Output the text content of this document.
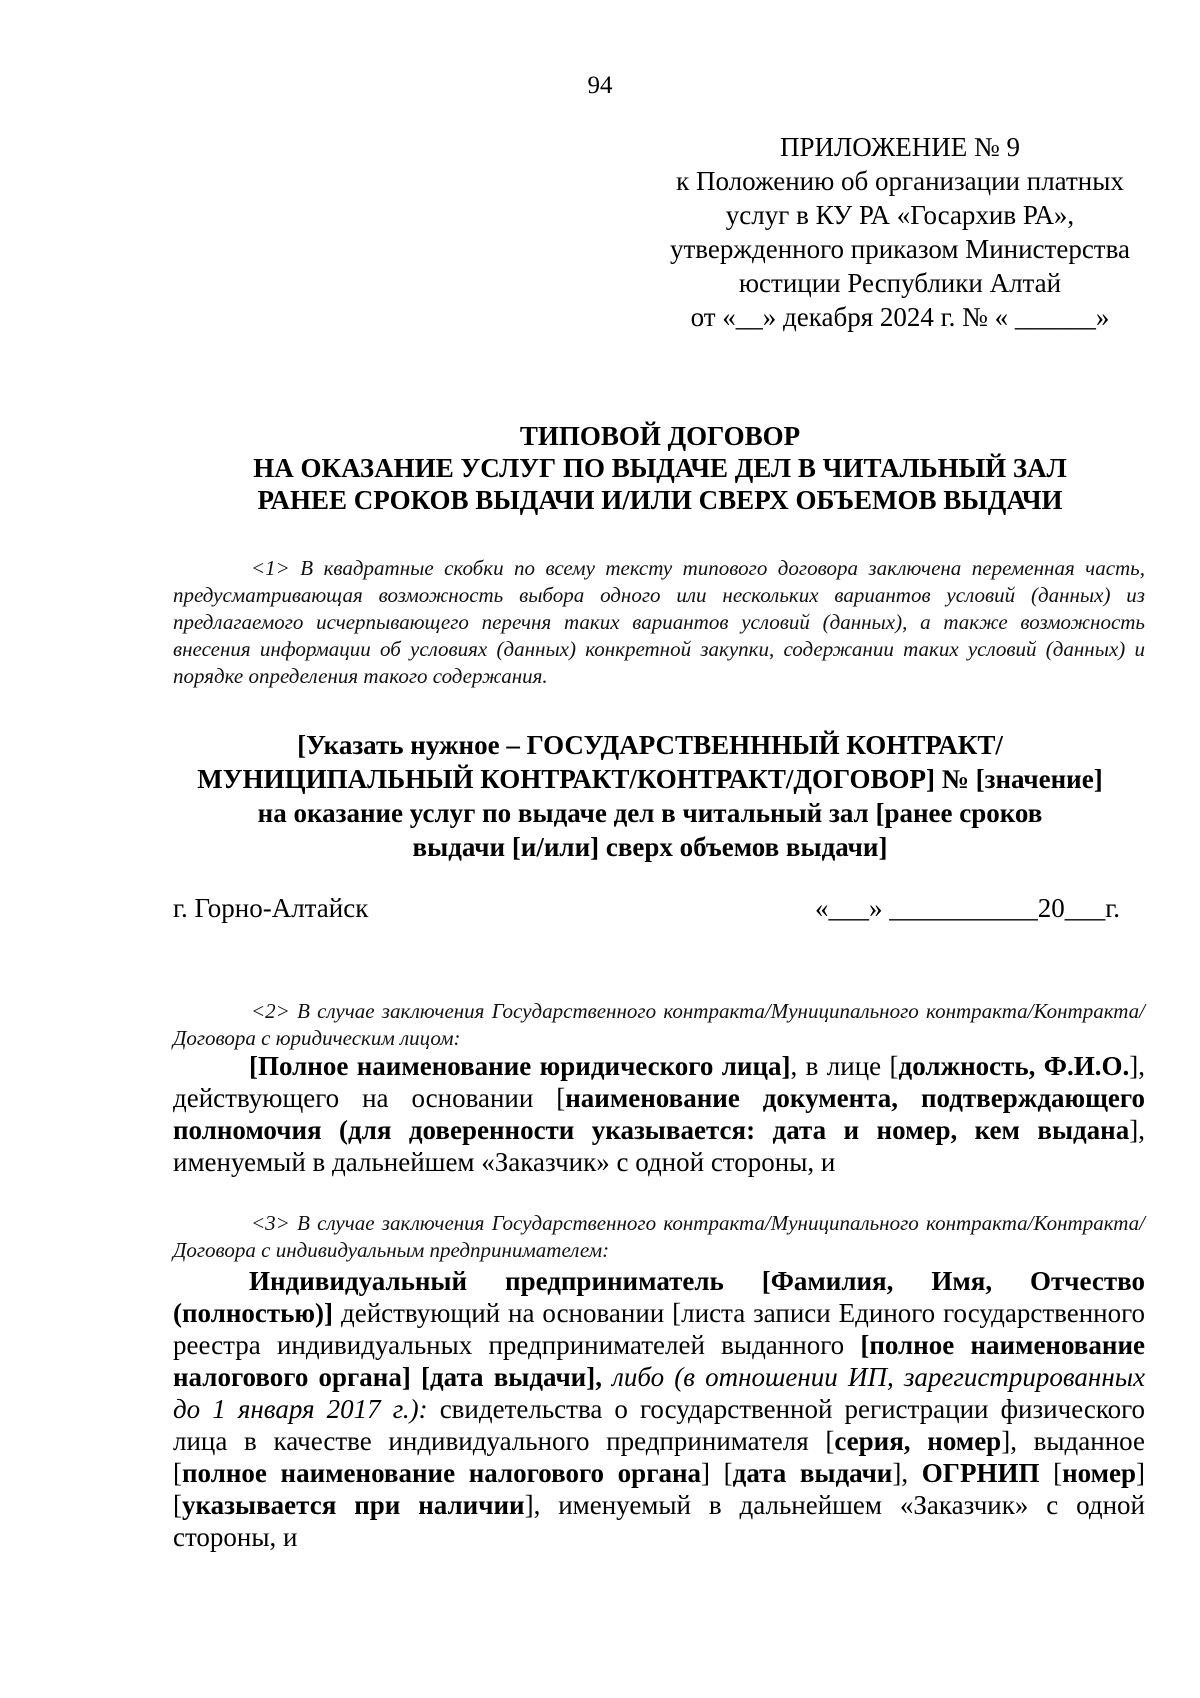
94
ПРИЛОЖЕНИЕ № 9
к Положению об организации платных
услуг в КУ РА «Госархив РА»,
утвержденного приказом Министерства
юстиции Республики Алтай
от «__» декабря 2024 г. № « ______»
ТИПОВОЙ ДОГОВОР
НА ОКАЗАНИЕ УСЛУГ ПО ВЫДАЧЕ ДЕЛ В ЧИТАЛЬНЫЙ ЗАЛ
РАНЕЕ СРОКОВ ВЫДАЧИ И/ИЛИ СВЕРХ ОБЪЕМОВ ВЫДАЧИ
<1> В квадратные скобки по всему тексту типового договора заключена переменная часть, предусматривающая возможность выбора одного или нескольких вариантов условий (данных) из предлагаемого исчерпывающего перечня таких вариантов условий (данных), а также возможность внесения информации об условиях (данных) конкретной закупки, содержании таких условий (данных) и порядке определения такого содержания.
[Указать нужное – ГОСУДАРСТВЕНННЫЙ КОНТРАКТ/
МУНИЦИПАЛЬНЫЙ КОНТРАКТ/КОНТРАКТ/ДОГОВОР] № [значение]
на оказание услуг по выдаче дел в читальный зал [ранее сроков
выдачи [и/или] сверх объемов выдачи]
г. Горно-Алтайск	«___» ___________20___г.
<2> В случае заключения Государственного контракта/Муниципального контракта/Контракта/Договора с юридическим лицом:
[Полное наименование юридического лица], в лице [должность, Ф.И.О.], действующего на основании [наименование документа, подтверждающего полномочия (для доверенности указывается: дата и номер, кем выдана], именуемый в дальнейшем «Заказчик» с одной стороны, и
<3> В случае заключения Государственного контракта/Муниципального контракта/Контракта/Договора с индивидуальным предпринимателем:
Индивидуальный предприниматель [Фамилия, Имя, Отчество (полностью)] действующий на основании [листа записи Единого государственного реестра индивидуальных предпринимателей выданного [полное наименование налогового органа] [дата выдачи], либо (в отношении ИП, зарегистрированных до 1 января 2017 г.): свидетельства о государственной регистрации физического лица в качестве индивидуального предпринимателя [серия, номер], выданное [полное наименование налогового органа] [дата выдачи], ОГРНИП [номер] [указывается при наличии], именуемый в дальнейшем «Заказчик» с одной стороны, и
